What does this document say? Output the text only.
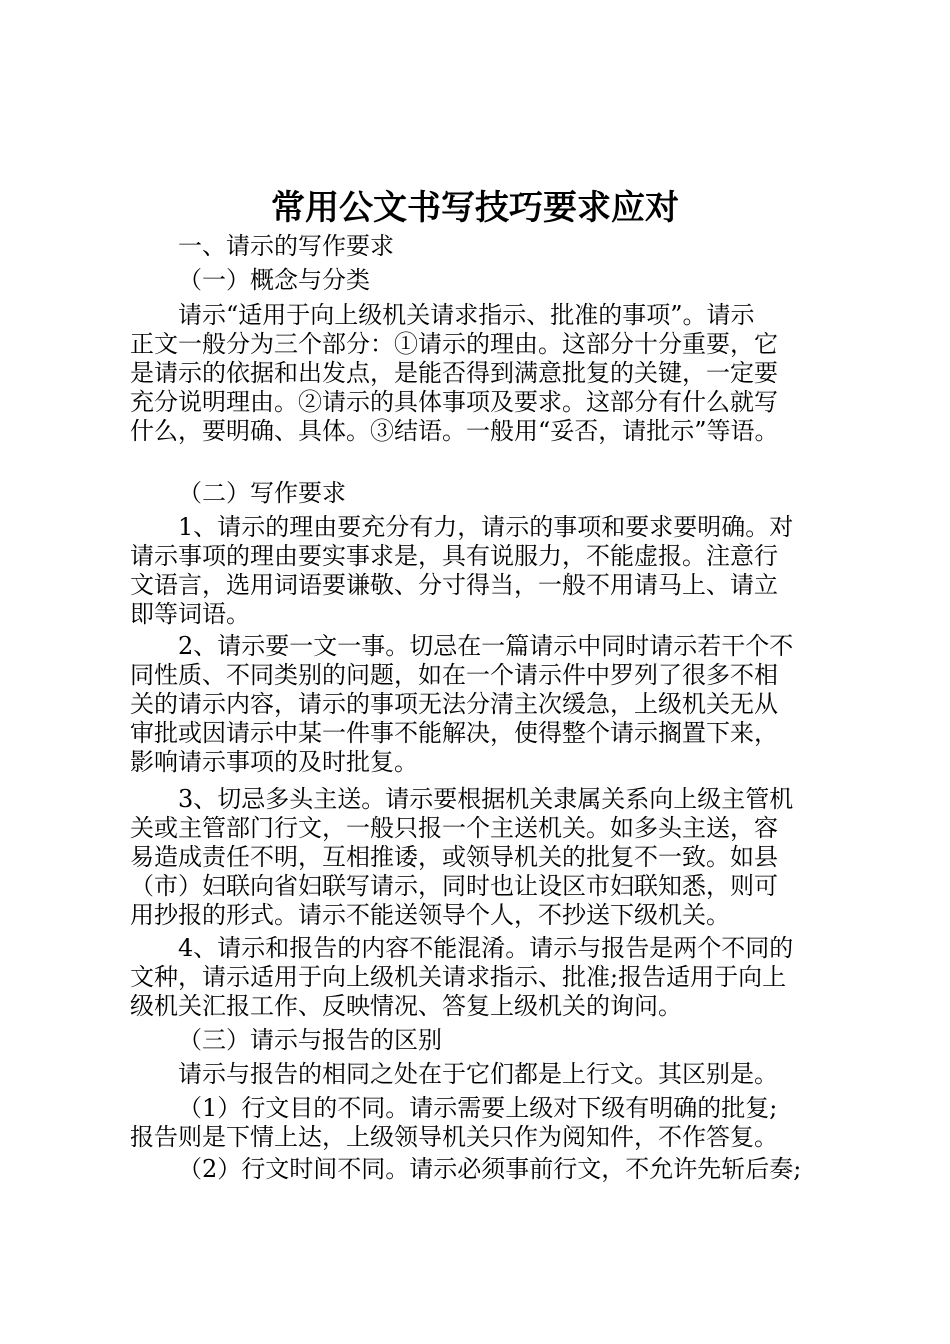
常用公文书写技巧要求应对
一、请示的写作要求
（一）概念与分类
请示“适用于向上级机关请求指示、批准的事项”。请示
正文一般分为三个部分：①请示的理由。这部分十分重要，它
是请示的依据和出发点，是能否得到满意批复的关键，一定要
充分说明理由。②请示的具体事项及要求。这部分有什么就写
什么，要明确、具体。③结语。一般用“妥否，请批示”等语。
（二）写作要求
1、请示的理由要充分有力，请示的事项和要求要明确。对
请示事项的理由要实事求是，具有说服力，不能虚报。注意行
文语言，选用词语要谦敬、分寸得当，一般不用请马上、请立
即等词语。
2、请示要一文一事。切忌在一篇请示中同时请示若干个不
同性质、不同类别的问题，如在一个请示件中罗列了很多不相
关的请示内容，请示的事项无法分清主次缓急，上级机关无从
审批或因请示中某一件事不能解决，使得整个请示搁置下来，
影响请示事项的及时批复。
3、切忌多头主送。请示要根据机关隶属关系向上级主管机
关或主管部门行文，一般只报一个主送机关。如多头主送，容
易造成责任不明，互相推诿，或领导机关的批复不一致。如县
（市）妇联向省妇联写请示，同时也让设区市妇联知悉，则可
用抄报的形式。请示不能送领导个人，不抄送下级机关。
4、请示和报告的内容不能混淆。请示与报告是两个不同的
文种，请示适用于向上级机关请求指示、批准;报告适用于向上
级机关汇报工作、反映情况、答复上级机关的询问。
（三）请示与报告的区别
请示与报告的相同之处在于它们都是上行文。其区别是。
（1）行文目的不同。请示需要上级对下级有明确的批复;
报告则是下情上达，上级领导机关只作为阅知件，不作答复。
（2）行文时间不同。请示必须事前行文，不允许先斩后奏;
